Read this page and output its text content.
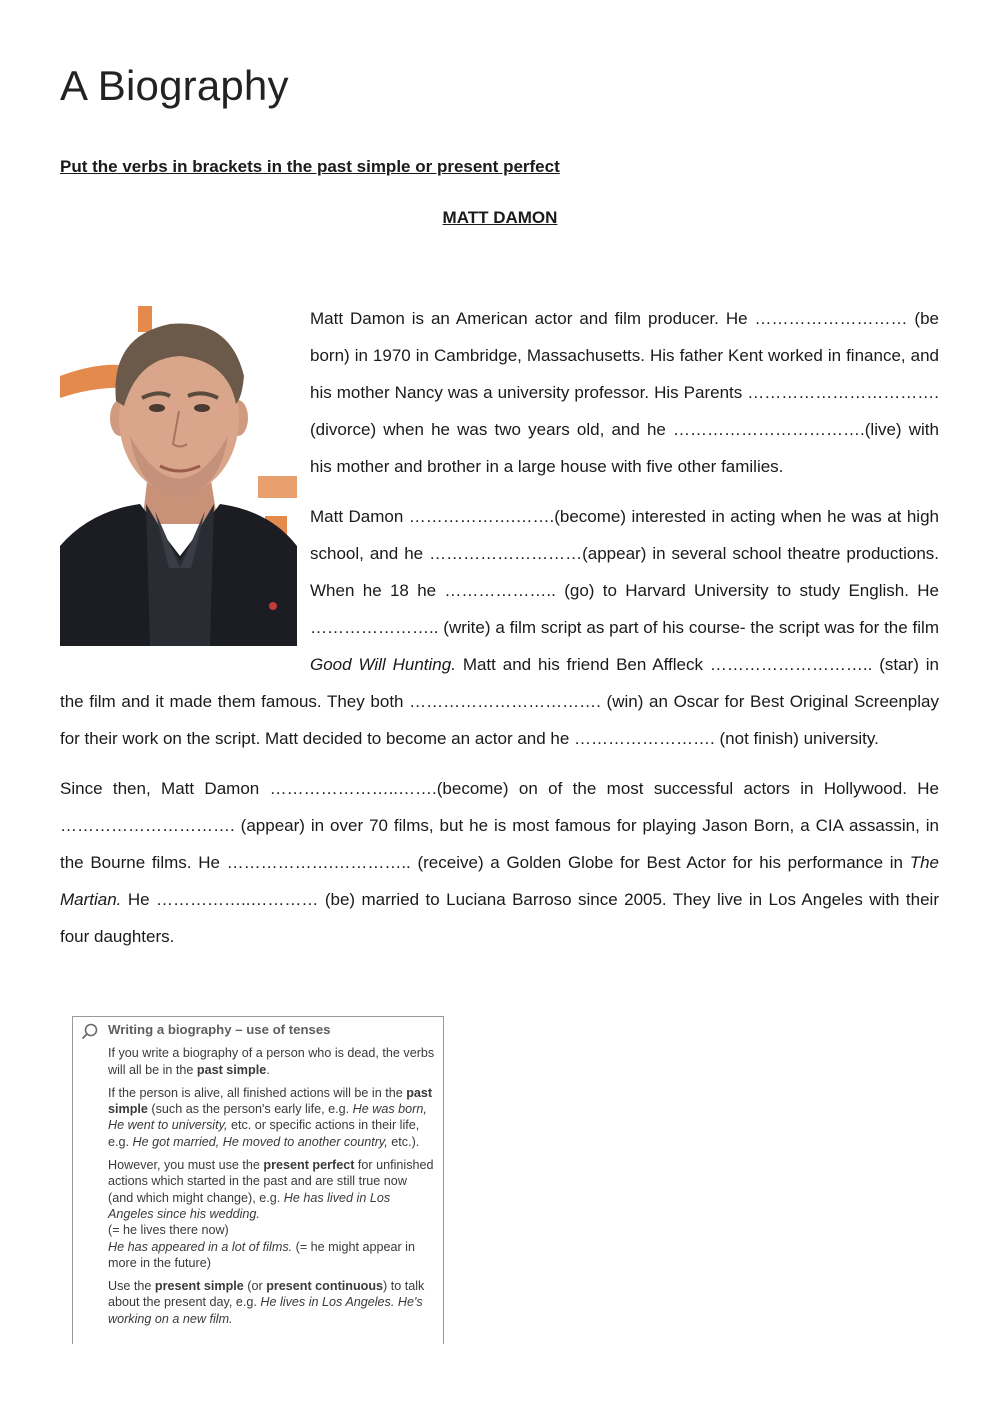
A Biography

Put the verbs in brackets in the past simple or present perfect

MATT DAMON

Matt Damon is an American actor and film producer. He ……………………… (be born) in 1970 in Cambridge, Massachusetts. His father Kent worked in finance, and his mother Nancy was a university professor. His Parents ……………………………. (divorce) when he was two years old, and he …………………………….(live) with his mother and brother in a large house with five other families.

Matt Damon ……………….…….(become) interested in acting when he was at high school, and he ………………………(appear) in several school theatre productions. When he 18 he ……………….. (go) to Harvard University to study English. He ………………….. (write) a film script as part of his course- the script was for the film Good Will Hunting. Matt and his friend Ben Affleck ……………………….. (star) in the film and it made them famous. They both ……………………………. (win) an Oscar for Best Original Screenplay for their work on the script. Matt decided to become an actor and he ……………………. (not finish) university.

Since then, Matt Damon …………………..…….(become) on of the most successful actors in Hollywood. He …………………………. (appear) in over 70 films, but he is most famous for playing Jason Born, a CIA assassin, in the Bourne films. He ……………….………….. (receive) a Golden Globe for Best Actor for his performance in The Martian. He ……………..………… (be) married to Luciana Barroso since 2005. They live in Los Angeles with their four daughters.

Writing a biography – use of tenses

If you write a biography of a person who is dead, the verbs will all be in the past simple.

If the person is alive, all finished actions will be in the past simple (such as the person's early life, e.g. He was born, He went to university, etc. or specific actions in their life, e.g. He got married, He moved to another country, etc.).

However, you must use the present perfect for unfinished actions which started in the past and are still true now (and which might change), e.g. He has lived in Los Angeles since his wedding.
(= he lives there now)
He has appeared in a lot of films. (= he might appear in more in the future)

Use the present simple (or present continuous) to talk about the present day, e.g. He lives in Los Angeles. He's working on a new film.
